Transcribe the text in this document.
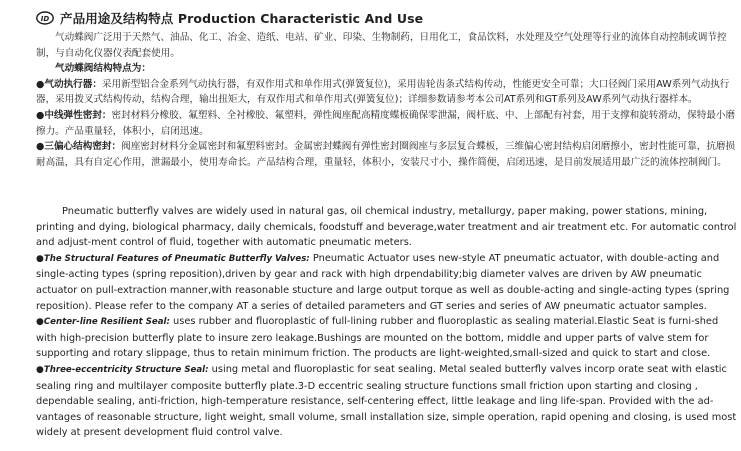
ID 产品用途及结构特点 Production Characteristic And Use

气动蝶阀广泛用于天然气、油品、化工、冶金、造纸、电站、矿业、印染、生物制药，日用化工，食品饮料，水处理及空气处理等行业的流体自动控制或调节控制，与自动化仪器仪表配套使用。

气动蝶阀结构特点为：

●气动执行器：采用新型铝合金系列气动执行器，有双作用式和单作用式(弹簧复位)，采用齿轮齿条式结构传动，性能更安全可靠；大口径阀门采用AW系列气动执行器，采用拨叉式结构传动，结构合理，输出扭矩大，有双作用式和单作用式(弹簧复位)；详细参数请参考本公司AT系列和GT系列及AW系列气动执行器样本。

●中线弹性密封：密封材料分橡胶、氟塑料、全衬橡胶、氟塑料，弹性阀座配高精度蝶板确保零泄漏，阀杆底、中、上部配有衬套，用于支撑和旋转滑动，保特最小磨擦力。产品重量轻，体积小，启闭迅速。

●三偏心结构密封：阀座密封材料分金属密封和氟塑料密封。金属密封蝶阀有弹性密封圈阀座与多层复合蝶板，三维偏心密封结构启闭磨擦小，密封性能可靠，抗磨损耐高温，具有自定心作用，泄漏最小，使用寿命长。产品结构合理，重量轻，体积小，安装尺寸小，操作简便，启闭迅速，是目前发展适用最广泛的流体控制阀门。

Pneumatic butterfly valves are widely used in natural gas, oil chemical industry, metallurgy, paper making, power stations, mining, printing and dying, biological pharmacy, daily chemicals, foodstuff and beverage,water treatment and air treatment etc. For automatic control and adjust-ment control of fluid, together with automatic pneumatic meters.

●The Structural Features of Pneumatic Butterfly Valves: Pneumatic Actuator uses new-style AT pneumatic actuator, with double-acting and single-acting types (spring reposition),driven by gear and rack with high drpendability;big diameter valves are driven by AW pneumatic actuator on pull-extraction manner,with reasonable stucture and large output torque as well as double-acting and single-acting types (spring reposition). Please refer to the company AT a series of detailed parameters and GT series and series of AW pneumatic actuator samples.

●Center-line Resilient Seal: uses rubber and fluoroplastic of full-lining rubber and fluoroplastic as sealing material.Elastic Seat is furni-shed with high-precision butterfly plate to insure zero leakage.Bushings are mounted on the bottom, middle and upper parts of valve stem for supporting and rotary slippage, thus to retain minimum friction. The products are light-weighted,small-sized and quick to start and close.

●Three-eccentricity Structure Seal: using metal and fluoroplastic for seat sealing. Metal sealed butterfly valves incorp orate seat with elastic sealing ring and multilayer composite butterfly plate.3-D eccentric sealing structure functions small friction upon starting and closing , dependable sealing, anti-friction, high-temperature resistance, self-centering effect, little leakage and ling life-span. Provided with the ad-vantages of reasonable structure, light weight, small volume, small installation size, simple operation, rapid opening and closing, is used most widely at present development fluid control valve.
